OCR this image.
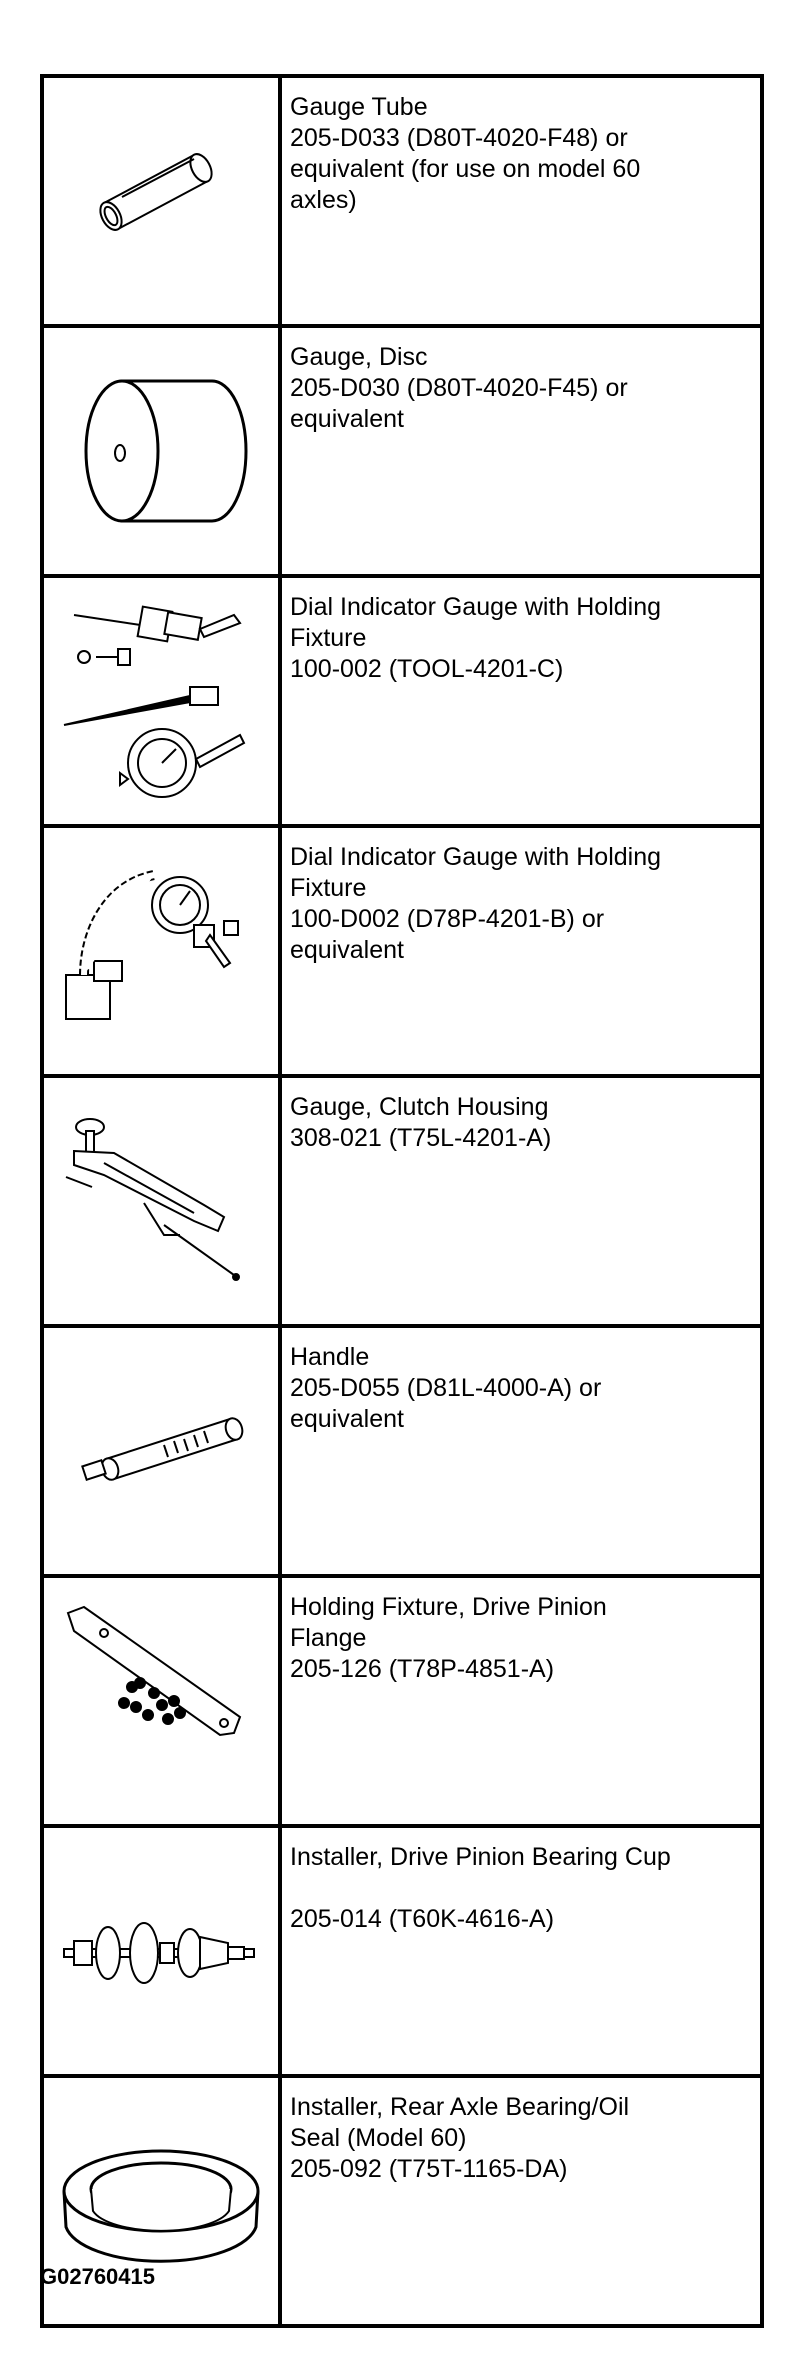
Gauge Tube
205-D033 (D80T-4020-F48) or
equivalent (for use on model 60
axles)

Gauge, Disc
205-D030 (D80T-4020-F45) or
equivalent

Dial Indicator Gauge with Holding
Fixture
100-002 (TOOL-4201-C)

Dial Indicator Gauge with Holding
Fixture
100-D002 (D78P-4201-B) or
equivalent

Gauge, Clutch Housing
308-021 (T75L-4201-A)

Handle
205-D055 (D81L-4000-A) or
equivalent

Holding Fixture, Drive Pinion
Flange
205-126 (T78P-4851-A)

Installer, Drive Pinion Bearing Cup
205-014 (T60K-4616-A)

Installer, Rear Axle Bearing/Oil
Seal (Model 60)
205-092 (T75T-1165-DA)
G02760415
